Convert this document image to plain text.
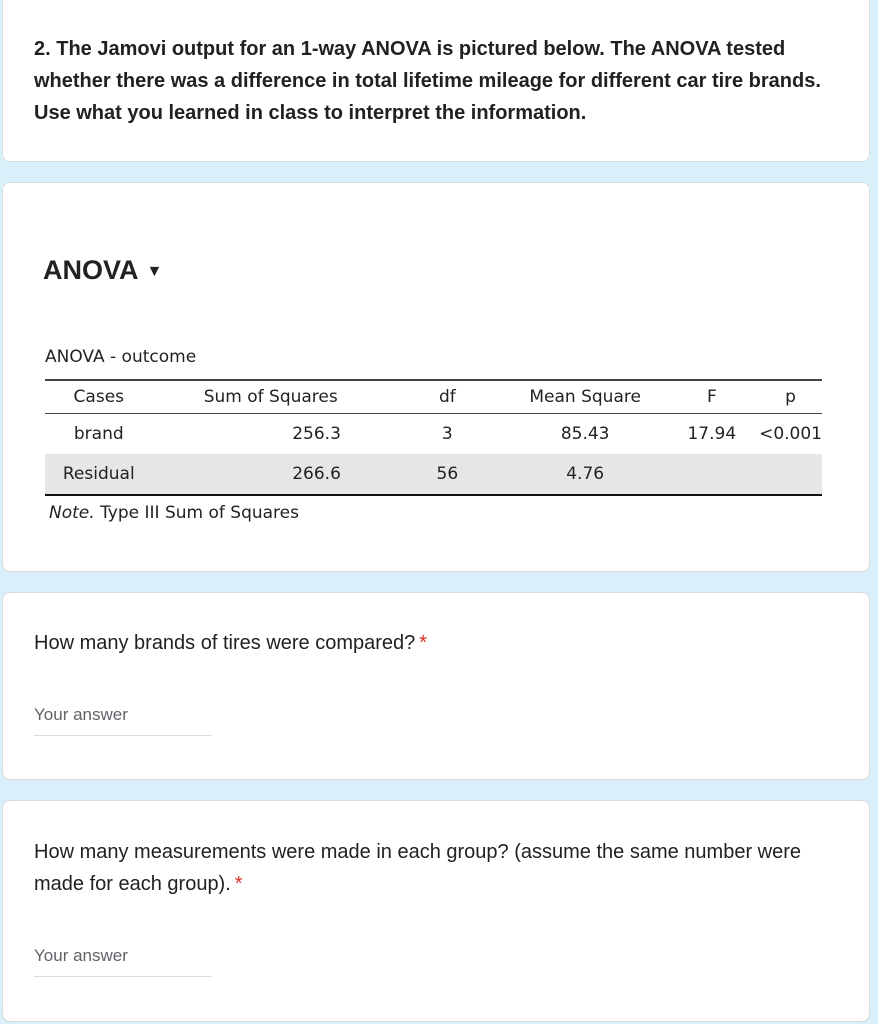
2. The Jamovi output for an 1-way ANOVA is pictured below. The ANOVA tested whether there was a difference in total lifetime mileage for different car tire brands. Use what you learned in class to interpret the information.
ANOVA ▼
ANOVA - outcome
Cases	Sum of Squares	df	Mean Square	F	p
brand	256.3	3	85.43	17.94	<0.001
Residual	266.6	56	4.76		
Note. Type III Sum of Squares
How many brands of tires were compared? *
Your answer
How many measurements were made in each group? (assume the same number were made for each group). *
Your answer
